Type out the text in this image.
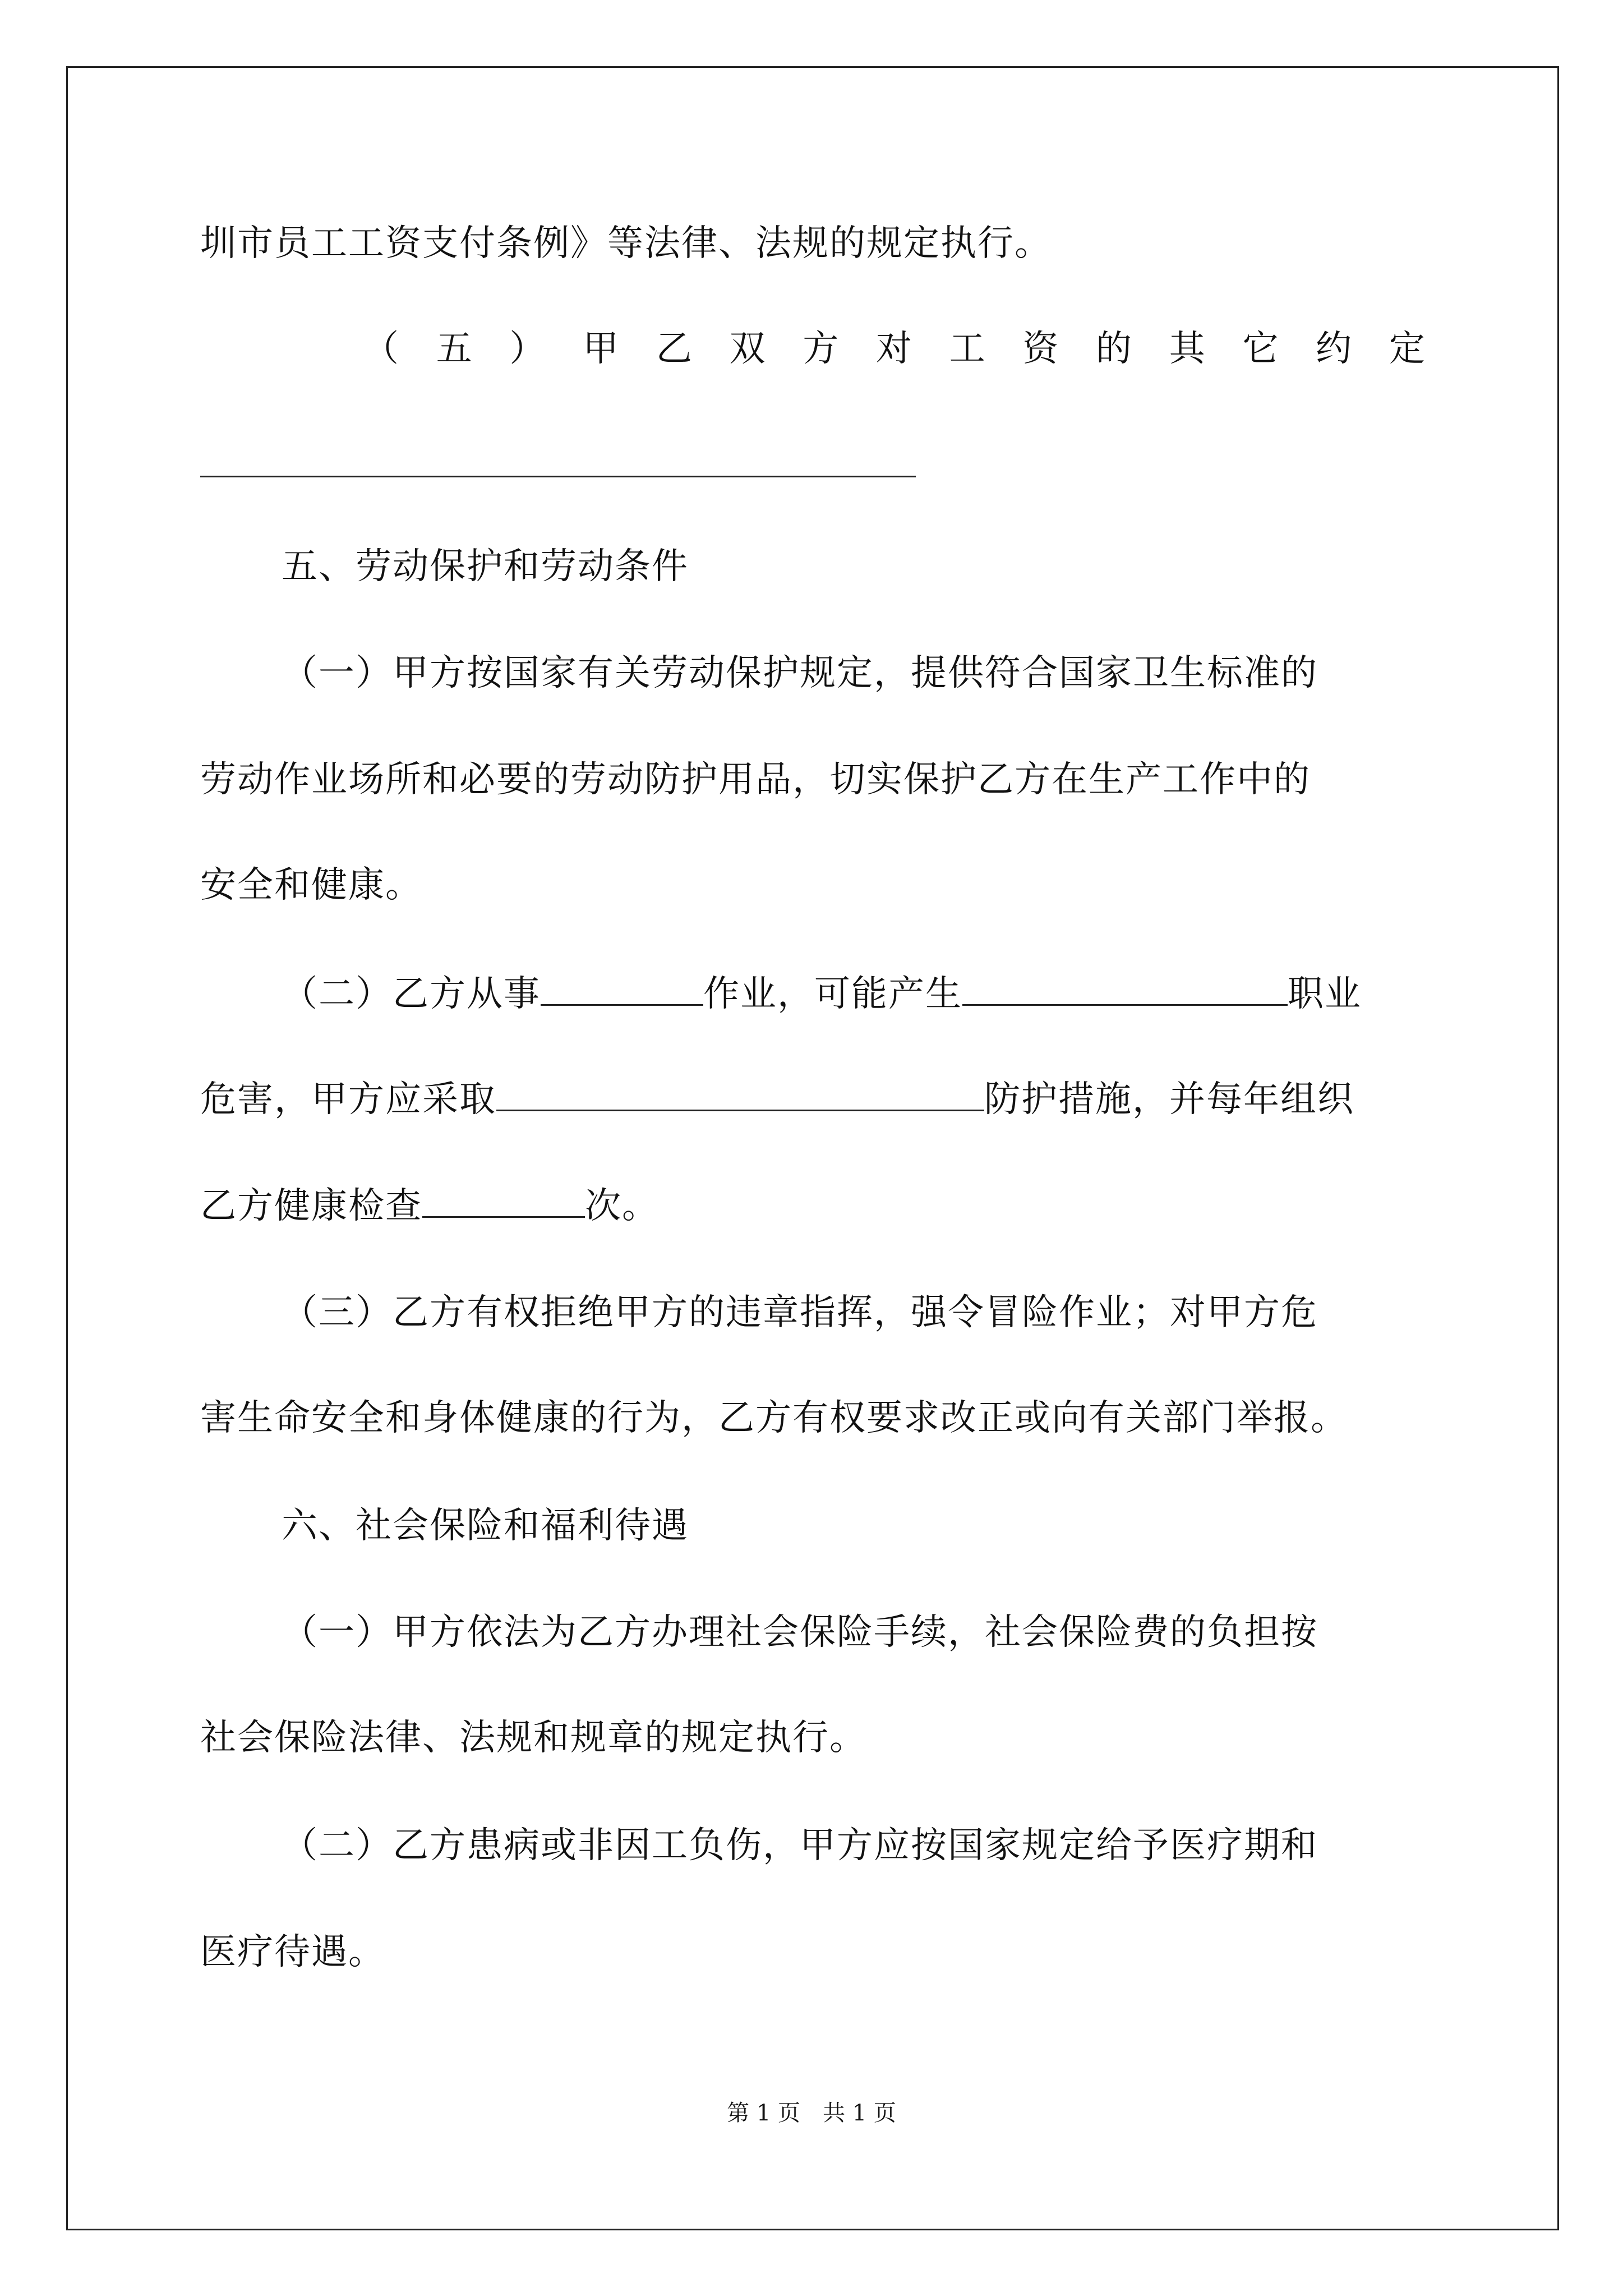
圳市员工工资支付条例》等法律、法规的规定执行。
（ 五 ） 甲 乙 双 方 对 工 资 的 其 它 约 定
五、劳动保护和劳动条件
（一）甲方按国家有关劳动保护规定，提供符合国家卫生标准的
劳动作业场所和必要的劳动防护用品，切实保护乙方在生产工作中的
安全和健康。
（二）乙方从事	作业，可能产生	职业
危害，甲方应采取	防护措施，并每年组织
乙方健康检查	次。
（三）乙方有权拒绝甲方的违章指挥，强令冒险作业；对甲方危
害生命安全和身体健康的行为，乙方有权要求改正或向有关部门举报。
六、社会保险和福利待遇
（一）甲方依法为乙方办理社会保险手续，社会保险费的负担按
社会保险法律、法规和规章的规定执行。
（二）乙方患病或非因工负伤，甲方应按国家规定给予医疗期和
医疗待遇。
第 1 页　共 1 页
